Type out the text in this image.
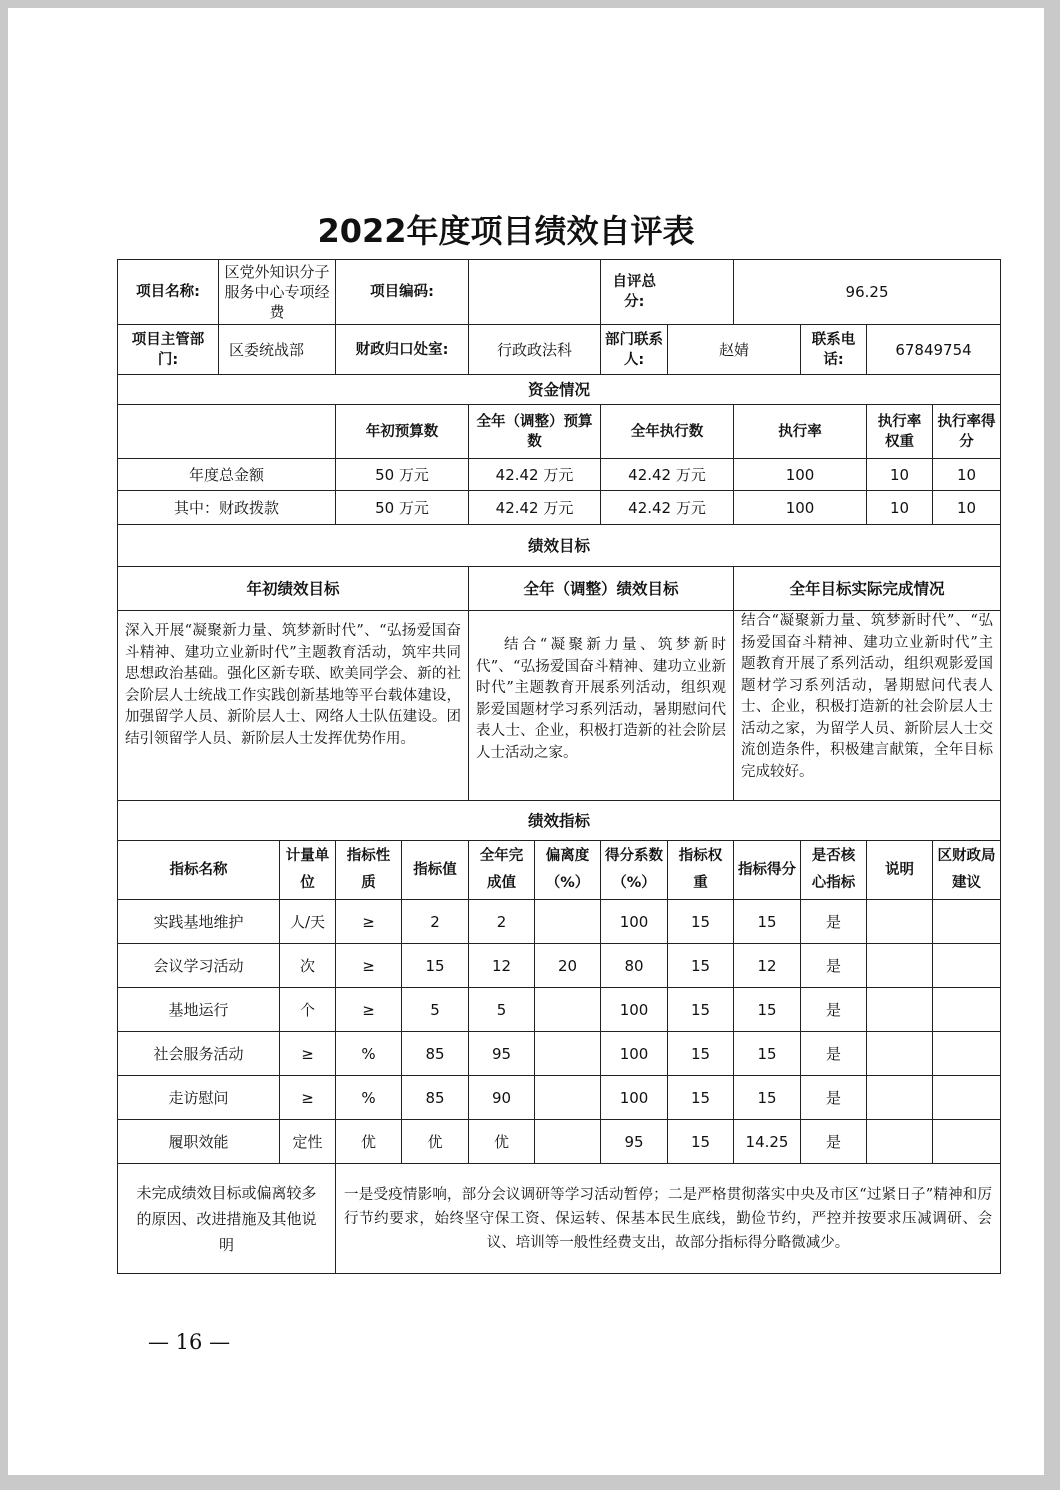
2022年度项目绩效自评表
项目名称:	区党外知识分子服务中心专项经费		项目编码:				自评总分:		96.25			
项目主管部门:	区委统战部		财政归口处室:		行政政法科		部门联系人:	赵婧		联系电话:	67849754	
资金情况												
			年初预算数		全年（调整）预算数		全年执行数		执行率		执行率权重	执行率得分
年度总金额			50 万元		42.42 万元		42.42 万元		100		10	10
其中：财政拨款			50 万元		42.42 万元		42.42 万元		100		10	10
绩效目标												
年初绩效目标					全年（调整）绩效目标				全年目标实际完成情况			
深入开展“凝聚新力量、筑梦新时代”、“弘扬爱国奋斗精神、建功立业新时代”主题教育活动，筑牢共同思想政治基础。强化区新专联、欧美同学会、新的社会阶层人士统战工作实践创新基地等平台载体建设，加强留学人员、新阶层人士、网络人士队伍建设。团结引领留学人员、新阶层人士发挥优势作用。					结合“凝聚新力量、筑梦新时代”、“弘扬爱国奋斗精神、建功立业新时代”主题教育开展系列活动，组织观影爱国题材学习系列活动，暑期慰问代表人士、企业，积极打造新的社会阶层人士活动之家。				结合“凝聚新力量、筑梦新时代”、“弘扬爱国奋斗精神、建功立业新时代”主题教育开展了系列活动，组织观影爱国题材学习系列活动，暑期慰问代表人士、企业，积极打造新的社会阶层人士活动之家，为留学人员、新阶层人士交流创造条件，积极建言献策，全年目标完成较好。			
绩效指标												
指标名称		计量单位	指标性质	指标值	全年完成值	偏离度（%）	得分系数（%）	指标权重	指标得分	是否核心指标	说明	区财政局建议
实践基地维护		人/天	≥	2	2		100	15	15	是		
会议学习活动		次	≥	15	12	20	80	15	12	是		
基地运行		个	≥	5	5		100	15	15	是		
社会服务活动		≥	%	85	95		100	15	15	是		
走访慰问		≥	%	85	90		100	15	15	是		
履职效能		定性	优	优	优		95	15	14.25	是		
未完成绩效目标或偏离较多的原因、改进措施及其他说明			一是受疫情影响，部分会议调研等学习活动暂停；二是严格贯彻落实中央及市区“过紧日子”精神和厉行节约要求，始终坚守保工资、保运转、保基本民生底线，勤俭节约，严控并按要求压减调研、会议、培训等一般性经费支出，故部分指标得分略微减少。									
— 16 —
